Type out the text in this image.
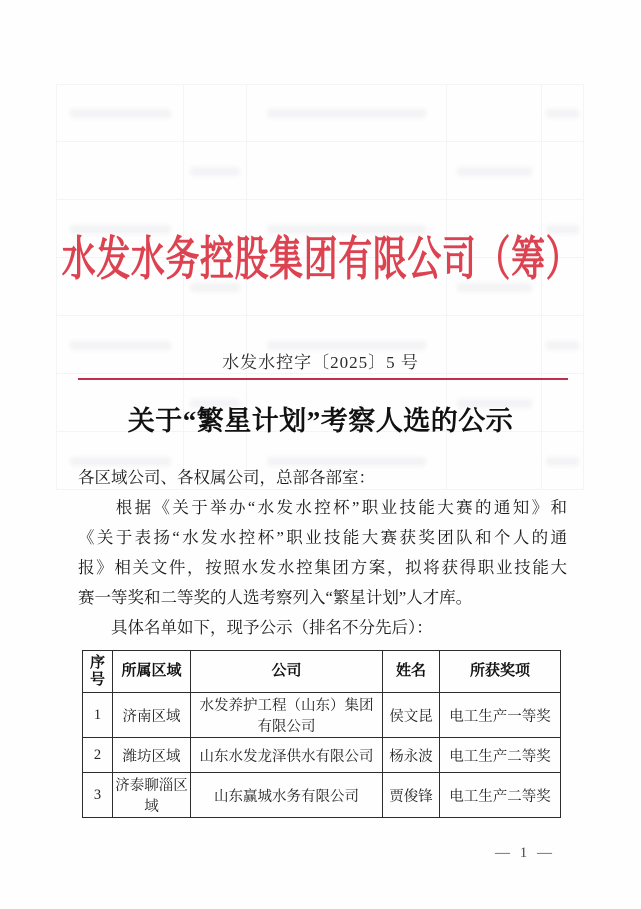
水发水务控股集团有限公司（筹）
水发水控字〔2025〕5 号
关于“繁星计划”考察人选的公示
各区域公司、各权属公司，总部各部室：
　　根据《关于举办“水发水控杯”职业技能大赛的通知》和
《关于表扬“水发水控杯”职业技能大赛获奖团队和个人的通
报》相关文件，按照水发水控集团方案，拟将获得职业技能大
赛一等奖和二等奖的人选考察列入“繁星计划”人才库。
　　具体名单如下，现予公示（排名不分先后）：
序号	所属区域	公司	姓名	所获奖项
1	济南区域	水发养护工程（山东）集团有限公司	侯文昆	电工生产一等奖
2	潍坊区域	山东水发龙泽供水有限公司	杨永波	电工生产二等奖
3	济泰聊淄区域	山东赢城水务有限公司	贾俊锋	电工生产二等奖
— 1 —
